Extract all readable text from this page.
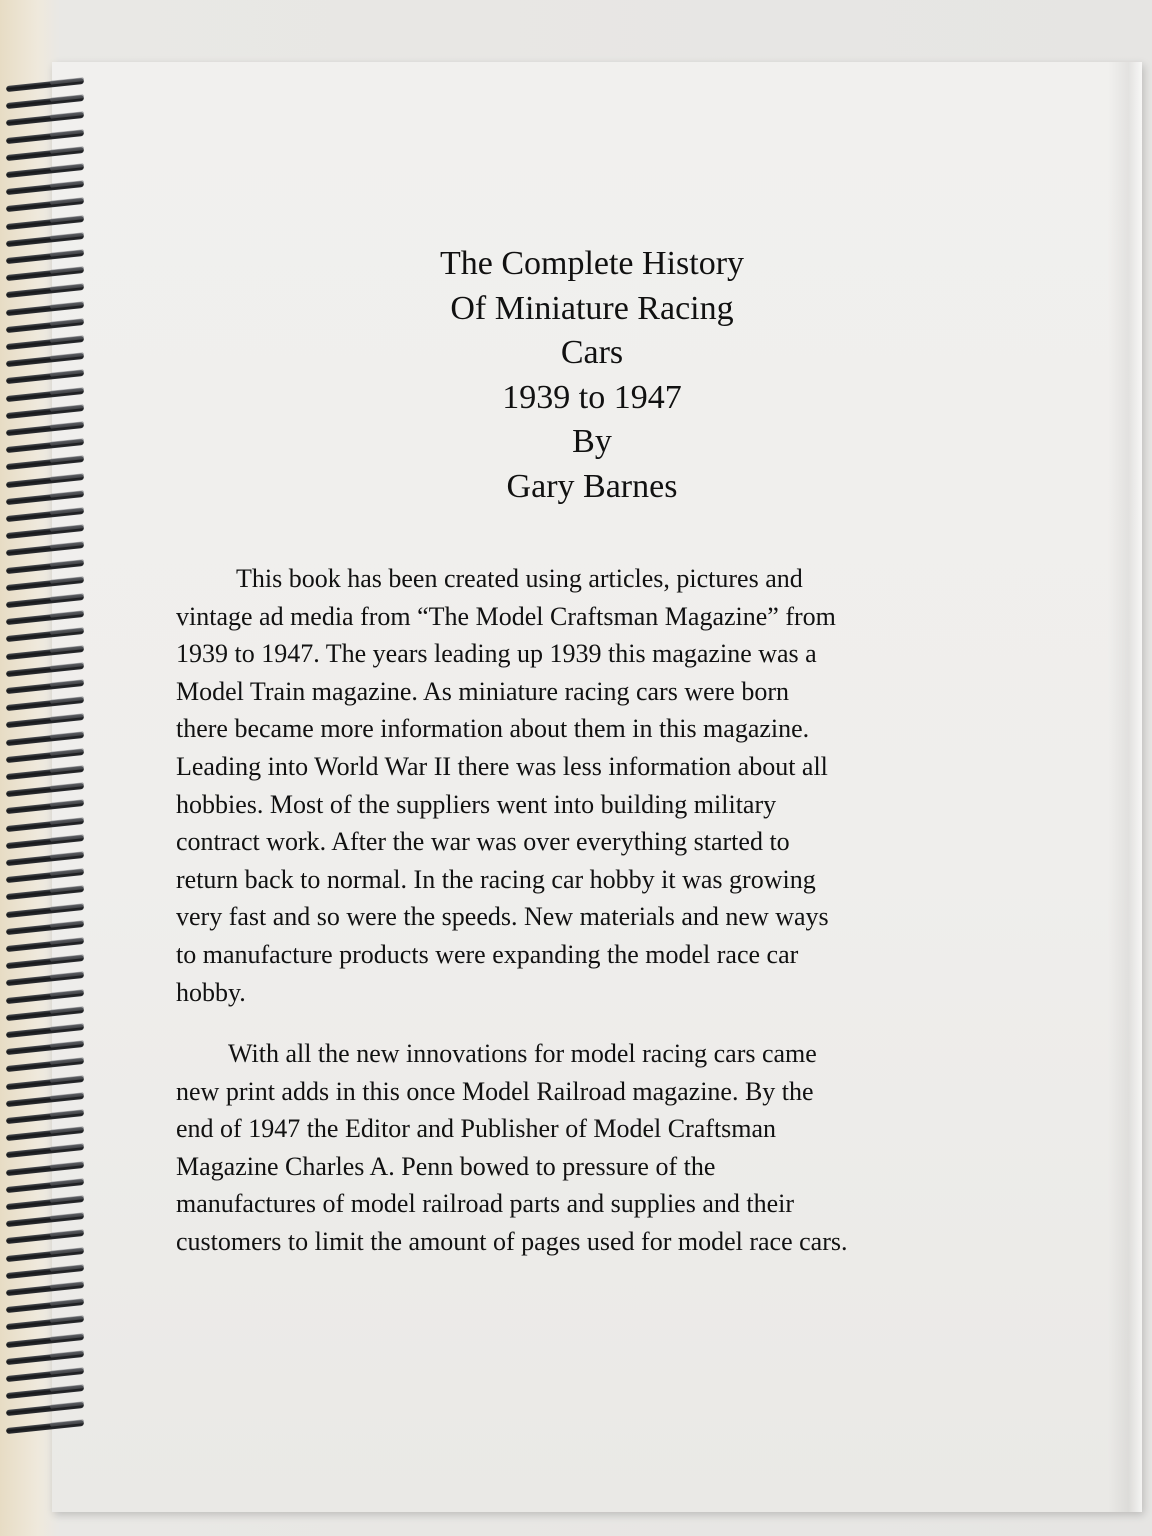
The Complete History
Of Miniature Racing
Cars
1939 to 1947
By
Gary Barnes
This book has been created using articles, pictures and
vintage ad media from “The Model Craftsman Magazine” from
1939 to 1947. The years leading up 1939 this magazine was a
Model Train magazine. As miniature racing cars were born
there became more information about them in this magazine.
Leading into World War II there was less information about all
hobbies. Most of the suppliers went into building military
contract work. After the war was over everything started to
return back to normal. In the racing car hobby it was growing
very fast and so were the speeds. New materials and new ways
to manufacture products were expanding the model race car
hobby.
With all the new innovations for model racing cars came
new print adds in this once Model Railroad magazine. By the
end of 1947 the Editor and Publisher of Model Craftsman
Magazine Charles A. Penn bowed to pressure of the
manufactures of model railroad parts and supplies and their
customers to limit the amount of pages used for model race cars.
